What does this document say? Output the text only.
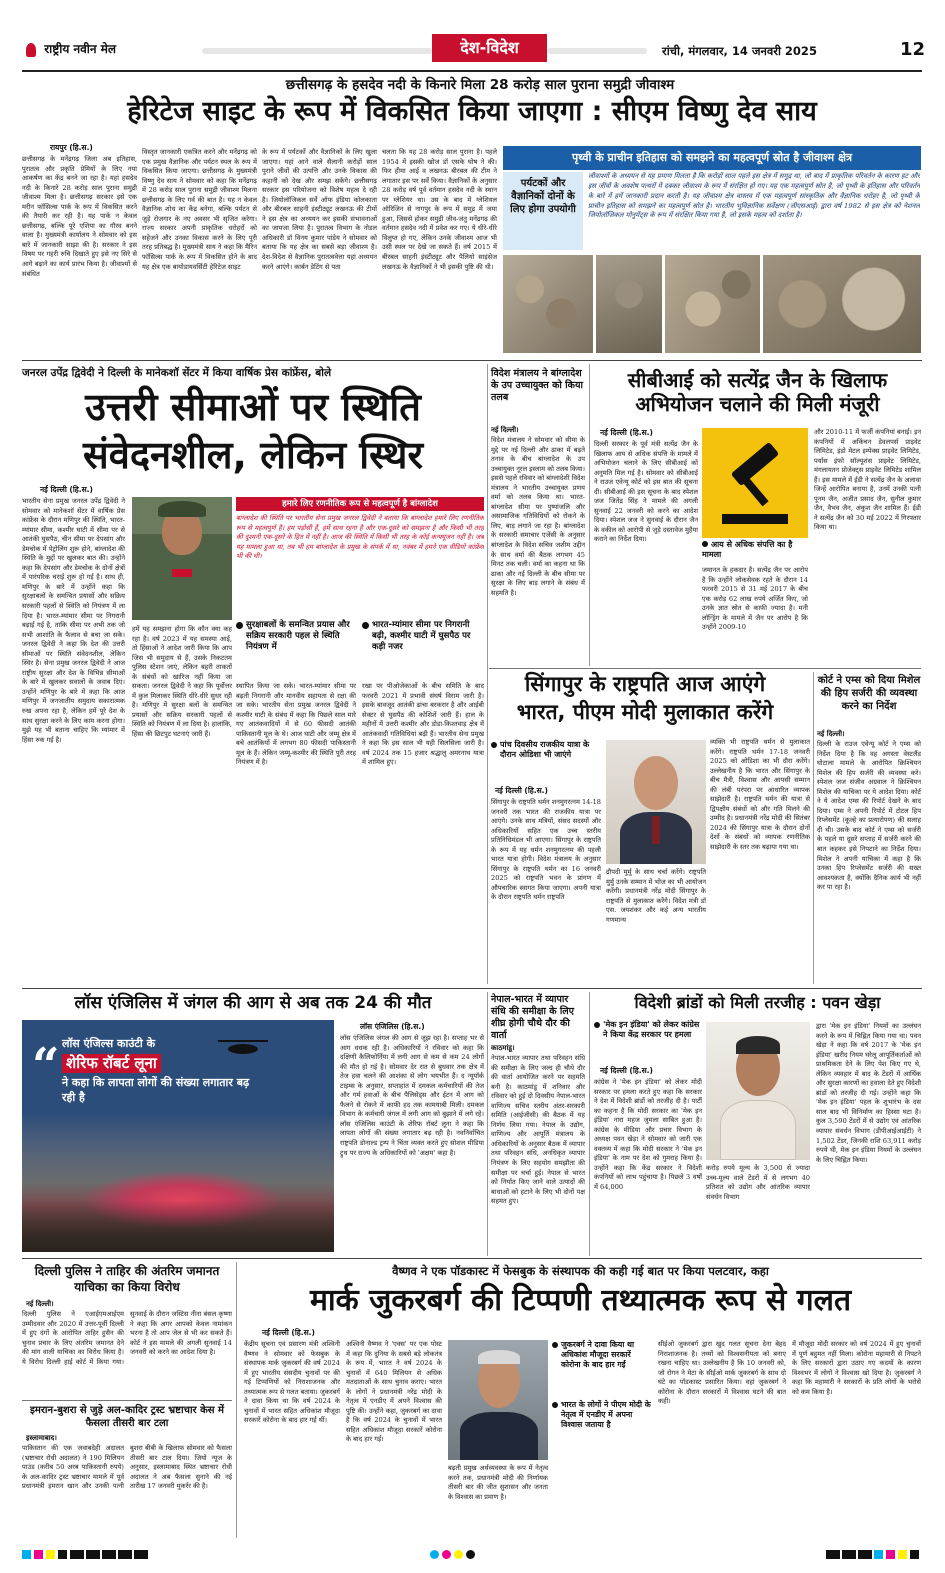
राष्ट्रीय नवीन मेल	देश-विदेश	रांची, मंगलवार, 14 जनवरी 2025	12
छत्तीसगढ़ के हसदेव नदी के किनारे मिला 28 करोड़ साल पुराना समुद्री जीवाश्म
हेरिटेज साइट के रूप में विकसित किया जाएगा : सीएम विष्णु देव साय
रायपुर (हि.स.)
छत्तीसगढ़ के मनेंद्रगढ़ जिला अब इतिहास, पुरातत्व और प्रकृति प्रेमियों के लिए नया आकर्षण का केंद्र बनने जा रहा है। यहां हसदेव नदी के किनारे 28 करोड़ साल पुराना समुद्री जीवाश्म मिला है। छत्तीसगढ़ सरकार इसे एक मरीन फॉसिल्स पार्क के रूप में विकसित करने की तैयारी कर रही है। यह पार्क न केवल छत्तीसगढ़, बल्कि पूरे एशिया का गौरव बनने वाला है। मुख्यमंत्री कार्यालय ने सोमवार को इस बारे में जानकारी साझा की है। सरकार ने इस विषय पर गहरी रुचि दिखाते हुए इसे नए सिरे से आगे बढ़ाने का कार्य प्रारंभ किया है। जीवाश्मों से संबंधित
विस्तृत जानकारी एकत्रित करने और मनेंद्रगढ़ को एक प्रमुख वैज्ञानिक और पर्यटन स्थल के रूप में विकसित किया जाएगा। छत्तीसगढ़ के मुख्यमंत्री विष्णु देव साय ने सोमवार को कहा कि मनेंद्रगढ़ में 28 करोड़ साल पुराना समुद्री जीवाश्म मिलना छत्तीसगढ़ के लिए गर्व की बात है। यह न केवल वैज्ञानिक शोध का केंद्र बनेगा, बल्कि पर्यटन से जुड़े रोजगार के नए अवसर भी सृजित करेगा। राज्य सरकार अपनी प्राकृतिक धरोहरों को सहेजने और उनका विकास करने के लिए पूरी तरह प्रतिबद्ध है। मुख्यमंत्री साय ने कहा कि मैरिन फॉसिल्स पार्क के रूप में विकसित होने के बाद यह क्षेत्र एक बायोडायवर्सिटी हेरिटेज साइट
के रूप में पर्यटकों और वैज्ञानिकों के लिए खुला जाएगा। यहां आने वाले सैलानी करोड़ों साल पुराने जीवों की उत्पत्ति और उनके विकास की कहानी को देख और समझ सकेंगे। छत्तीसगढ़ सरकार इस परियोजना को विशेष महत्व दे रही है। जियोलॉजिकल सर्वे ऑफ इंडिया कोलकाता और बीरबल साहनी इंस्टीट्यूट लखनऊ की टीमों ने इस क्षेत्र का अध्ययन कर इसकी संभावनाओं का जायजा लिया है। पुरातत्व विभाग के नोडल अधिकारी डॉ विनय कुमार पांडेय ने सोमवार को बताया कि यह क्षेत्र का सबसे बड़ा जीवाश्म है। देश-विदेश से वैज्ञानिक पुरातत्ववेत्ता यहां अध्ययन करने आएंगे। कार्बन डेटिंग से पता
चलता कि यह 28 करोड़ साल पुराना है। पहले 1954 में इसकी खोज डॉ एसके घोष ने की। फिर हीमा आई व लखनऊ बीरबल की टीम ने लगातार इस पर सर्वे किया। वैज्ञानिकों के अनुसार 28 करोड़ वर्ष पूर्व वर्तमान हसदेव नदी के स्थान पर ग्लेशियर था। उस के बाद में ग्लेशियल ऑरिजिन से नागपुर के रूप में समुद्र में जमा हुआ, जिससे होकर समुद्री जीव-जंतु मनेंद्रगढ़ की वर्तमान हसदेव नदी में प्रवेश कर गए। ये धीरे-धीरे विलुप्त हो गए, लेकिन उनके जीवाश्म आज भी उसी स्थल पर देखे जा सकते हैं। वर्ष 2015 में बीरबल साहनी इंस्टीट्यूट और पैलियो साइंसेज लखनऊ के वैज्ञानिकों ने भी इसकी पुष्टि की थी।
पृथ्वी के प्राचीन इतिहास को समझने का महत्वपूर्ण स्रोत है जीवाश्म क्षेत्र
पर्यटकों और वैज्ञानिकों दोनों के लिए होगा उपयोगी
जीवाश्मों के अध्ययन से यह प्रमाण मिलता है कि करोड़ों साल पहले इस क्षेत्र में समुद्र था, जो बाद में प्राकृतिक परिवर्तन के कारण हट और इस जीवों के अवशेष पत्थरों में दबकर जीवाश्म के रूप में संरक्षित हो गए। यह एक महत्वपूर्ण स्रोत है, जो पृथ्वी के इतिहास और परिवर्तन के बारे में हमें जानकारी प्रदान करती है। यह जीवाश्म क्षेत्र वास्तव में एक महत्वपूर्ण सांस्कृतिक और वैज्ञानिक धरोहर है, जो पृथ्वी के प्राचीन इतिहास को समझने का महत्वपूर्ण स्रोत है। भारतीय भूविज्ञानिक सर्वेक्षण (जीएसआई) द्वारा वर्ष 1982 से इस क्षेत्र को नेशनल जियोलॉजिकल मोनुमेंट्स के रूप में संरक्षित किया गया है, जो इसके महत्व को दर्शाता है।
जनरल उपेंद्र द्विवेदी ने दिल्ली के मानेकशॉ सेंटर में किया वार्षिक प्रेस कांफ्रेंस, बोले
उत्तरी सीमाओं पर स्थिति
संवेदनशील, लेकिन स्थिर
नई दिल्ली (हि.स.)
भारतीय सेना प्रमुख जनरल उपेंद्र द्विवेदी ने सोमवार को मानेकशॉ सेंटर में वार्षिक प्रेस कांफ्रेंस के दौरान मणिपुर की स्थिति, भारत-म्यांमार सीमा, कश्मीर घाटी में सीमा पर से आतंकी घुसपैठ, चीन सीमा पर देपसांग और डेमचोक में पेट्रोलिंग शुरू होने, बांग्लादेश की स्थिति के मुद्दों पर खुलकर बात की। उन्होंने कहा कि देपसांग और डेमचोक के दोनों क्षेत्रों में पारंपरिक चराई शुरू हो गई है। साथ ही, मणिपुर के बारे में उन्होंने कहा कि सुरक्षाबलों के समन्वित प्रयासों और सक्रिय सरकारी पहलों से स्थिति को नियंत्रण में ला दिया है। भारत-म्यांमार सीमा पर निगरानी बढ़ाई गई है, ताकि सीमा पर अभी तक जो सभी आशांति के फैलाव से बचा जा सके। जनरल द्विवेदी ने कहा कि देश की उत्तरी सीमाओं पर स्थिति संवेदनशील, लेकिन स्थिर है। सेना प्रमुख जनरल द्विवेदी ने आज राष्ट्रीय सुरक्षा और देश के विभिन्न सीमाओं के बारे में खुलकर सवालों के जवाब दिए। उन्होंने मणिपुर के बारे में कहा कि आज मणिपुर में जनजातीय समुदाय सकारात्मक रुख अपना रहा है, लेकिन हमें पूरे देश के साथ सुरक्षा करने के लिए काम करना होगा। मुझे यह भी बताना चाहिए कि म्यांमार में हिंसा रुक गई है।
हमारे लिए रणनीतिक रूप से महत्वपूर्ण है बांग्लादेश
बांग्लादेश की स्थिति पर भारतीय सेना प्रमुख जनरल द्विवेदी ने बताया कि बांग्लादेश हमारे लिए रणनीतिक रूप से महत्वपूर्ण है। हम पड़ोसी हैं, हमें साथ रहना है और एक-दूसरे को समझना है और किसी भी तरह की दुश्मनी एक-दूसरे के हित में नहीं है। आज की स्थिति में किसी भी तरह के कोई कन्फ्यूजन नहीं है। जब यह मामला हुआ था, तब भी हम बांग्लादेश के प्रमुख के संपर्क में था, नवंबर में हमने एक वीडियो कांफ्रेंस भी की थी।
सुरक्षाबलों के समन्वित प्रयास और सक्रिय सरकारी पहल से स्थिति नियंत्रण में
भारत-म्यांमार सीमा पर निगरानी बढ़ी, कश्मीर घाटी में घुसपैठ पर कड़ी नजर
हमें यह समझना होगा कि कौन क्या कह रहा है। वर्ष 2023 में यह समस्या आई, तो हिंसाओं ने आदेश जारी किया कि आप जिस भी समुदाय से हैं, उसके निकटतम पुलिस स्टेशन जाएं, लेकिन बहरी ताकतों के संबंधों को खारिज नहीं किया जा सकता। जनरल द्विवेदी ने कहा कि पूर्वोत्तर में कुल मिलाकर स्थिति धीरे-धीरे सुधर रही है। मणिपुर में सुरक्षा बलों के समन्वित प्रयासों और सक्रिय सरकारी पहलों से स्थिति को नियंत्रण में ला दिया है। हालांकि, हिंसा की छिटपुट घटनाएं जारी हैं।
स्थापित किया जा सके। भारत-म्यांमार सीमा पर बढ़ती निगरानी और मानवीय सहायता से रक्षा की जा सके। भारतीय सेना प्रमुख जनरल द्विवेदी ने कश्मीर घाटी के संबंध में कहा कि पिछले साल मारे गए आतंकवादियों में से 60 फीसदी आतंकी पाकिस्तानी मूल के थे। आज घाटी और जम्मू क्षेत्र में बचे आतंकियों में लगभग 80 फीसदी पाकिस्तानी मूल के हैं। लेकिन जम्मू-कश्मीर की स्थिति पूरी तरह नियंत्रण में है।
रखा पर पीओजेकाओं के बीच समिति के बाद फरवरी 2021 में प्रभावी संघर्ष विराम जारी है। इसके बावजूद आतंकी ढांचा बरकरार है और आईबी सेक्टर से घुसपैठ की कोशिशें जारी हैं। हाल के महीनों में उत्तरी कश्मीर और डोडा-किश्तवाड़ क्षेत्र में आतंकवादी गतिविधियां बढ़ी हैं। भारतीय सेना प्रमुख ने कहा कि इस साल भी यही सिलसिला जारी है। वर्ष 2024 तक 15 हजार श्रद्धालु अमरनाथ यात्रा में शामिल हुए।
विदेश मंत्रालय ने बांग्लादेश के उप उच्चायुक्त को किया तलब
नई दिल्ली।
विदेश मंत्रालय ने सोमवार को सीमा के मुद्दे पर नई दिल्ली और ढाका में बढ़ते तनाव के बीच बांग्लादेश के उप उच्चायुक्त नूरल इस्लाम को तलब किया। इससे पहले रविवार को बांग्लादेशी विदेश मंत्रालय ने भारतीय उच्चायुक्त प्रणय वर्मा को तलब किया था। भारत-बांग्लादेश सीमा पर पुष्पांजलि और असामाजिक गतिविधियों को रोकने के लिए, बाड़ लगाने जा रहा है। बांग्लादेश के सरकारी समाचार एजेंसी के अनुसार बांग्लादेश के विदेश सचिव जशीम उद्दीन के साथ वर्मा की बैठक लगभग 45 मिनट तक चली। वर्मा का कहना था कि ढाका और नई दिल्ली के बीच सीमा पर सुरक्षा के लिए बाड़ लगाने के संबंध में सहमति है।
सीबीआई को सत्येंद्र जैन के खिलाफ अभियोजन चलाने की मिली मंजूरी
नई दिल्ली (हि.स.)
दिल्ली सरकार के पूर्व मंत्री सत्येंद्र जैन के खिलाफ आय से अधिक संपत्ति के मामले में अभियोजन चलाने के लिए सीबीआई को अनुमति मिल गई है। सोमवार को सीबीआई ने राउज एवेन्यू कोर्ट को इस बात की सूचना दी। सीबीआई की इस सूचना के बाद स्पेशल जज जितेंद्र सिंह ने मामले की अगली सुनवाई 22 जनवरी को करने का आदेश दिया। स्पेशल जज ने सुनवाई के दौरान जैन के वकील को आरोपी से जुड़े दस्तावेज मुहैया कराने का निर्देश दिया।
आय से अधिक संपत्ति का है मामला
जमानत के हकदार है। सत्येंद्र जैन पर आरोप है कि उन्होंने लोकसेवक रहते के दौरान 14 फरवरी 2015 से 31 मई 2017 के बीच एक करोड़ 62 लाख रुपये अर्जित किए, जो उनके ज्ञात स्रोत से काफी ज्यादा है। मनी लॉन्ड्रिंग के मामले में जैन पर आरोप है कि उन्होंने 2009-10
और 2010-11 में फर्जी कंपनियां बनाईं। इन कंपनियों में अकिंचन डेवलपर्स प्राइवेट लिमिटेड, इंडो मेटल इम्पेक्स प्राइवेट लिमिटेड, पर्यास इंफो सॉल्यूशंस प्राइवेट लिमिटेड, मंगलायतन प्रोजेक्ट्स प्राइवेट लिमिटेड शामिल हैं। इस मामले में ईडी ने सत्येंद्र जैन के अलावा जिन्हें आरोपित बनाया है, उनमें उनकी पत्नी पूनम जैन, अजीत प्रसाद जैन, सुनील कुमार जैन, वैभव जैन, अंकुश जैन शामिल हैं। ईडी ने सत्येंद्र जैन को 30 मई 2022 में गिरफ्तार किया था।
सिंगापुर के राष्ट्रपति आज आएंगे
भारत, पीएम मोदी मुलाकात करेंगे
पांच दिवसीय राजकीय यात्रा के दौरान ओडिशा भी जाएंगे
नई दिल्ली (हि.स.)
सिंगापुर के राष्ट्रपति थर्मन शनमुगरत्नम 14-18 जनवरी तक भारत की राजकीय यात्रा पर आएंगे। उनके साथ मंत्रियों, संसद सदस्यों और अधिकारियों सहित एक उच्च स्तरीय प्रतिनिधिमंडल भी आएगा। सिंगापुर के राष्ट्रपति के रूप में यह थर्मन शनमुगरत्नम की पहली भारत यात्रा होगी। विदेश मंत्रालय के अनुसार सिंगापुर के राष्ट्रपति थर्मन का 16 जनवरी 2025 को राष्ट्रपति भवन के प्रांगण में औपचारिक स्वागत किया जाएगा। अपनी यात्रा के दौरान राष्ट्रपति थर्मन राष्ट्रपति
द्रौपदी मुर्मु के साथ चर्चा करेंगे। राष्ट्रपति मुर्मु उनके सम्मान में भोज का भी आयोजन करेंगी। प्रधानमंत्री नरेंद्र मोदी सिंगापुर के राष्ट्रपति से मुलाकात करेंगे। विदेश मंत्री डॉ एस. जयशंकर और कई अन्य भारतीय गणमान्य
व्यक्ति भी राष्ट्रपति थर्मन से मुलाकात करेंगे। राष्ट्रपति थर्मन 17-18 जनवरी 2025 को ओडिशा का भी दौरा करेंगे। उल्लेखनीय है कि भारत और सिंगापुर के बीच मैत्री, विश्वास और आपसी सम्मान की लंबी परंपरा पर आधारित व्यापक साझेदारी है। राष्ट्रपति थर्मन की यात्रा से द्विपक्षीय संबंधों को और गति मिलने की उम्मीद है। प्रधानमंत्री नरेंद्र मोदी की सितंबर 2024 की सिंगापुर यात्रा के दौरान दोनों देशों के संबंधों को व्यापक रणनीतिक साझेदारी के स्तर तक बढ़ाया गया था।
कोर्ट ने एम्स को दिया मिशेल की हिप सर्जरी की व्यवस्था करने का निर्देश
नई दिल्ली।
दिल्ली के राउज एवेन्यू कोर्ट ने एम्स को निर्देश दिया है कि वह अगस्ता वेस्टलैंड घोटाला मामले के आरोपित क्रिश्चियन मिशेल की हिप सर्जरी की व्यवस्था करे। स्पेशल जज संजीव अग्रवाल ने क्रिश्चियन मिशेल की याचिका पर ये आदेश दिया। कोर्ट ने ये आदेश एम्स की रिपोर्ट देखने के बाद दिया। एम्स ने अपनी रिपोर्ट में टोटल हिप रिप्लेसमेंट (कूल्हे का प्रत्यारोपण) की सलाह दी थी। उसके बाद कोर्ट ने एम्स को सर्जरी के पहले या दूसरे सप्ताह में सर्जरी करने की बात कहकर इसे निपटाने का निर्देश दिया। मिशेल ने अपनी याचिका में कहा है कि उनका हिप रिप्लेसमेंट सर्जरी की सख्त आवश्यकता है, क्योंकि दैनिक कार्य भी नहीं कर पा रहा है।
लॉस एंजिलिस में जंगल की आग से अब तक 24 की मौत
“ लॉस एंजिल्स काउंटी के
शेरिफ रॉबर्ट लूना
ने कहा कि लापता लोगों की संख्या लगातार बढ़ रही है
लॉस एंजिलिस (हि.स.)
लॉस एंजिलिस जंगल की आग से जूझ रहा है। सप्ताह भर से आग धधक रही है। अधिकारियों ने रविवार को कहा कि दक्षिणी कैलिफोर्निया में लगी आग से कम से कम 24 लोगों की मौत हो गई है। सोमवार देर रात से बुधवार तक क्षेत्र में तेज हवा चलने की आशंका से लोग भयभीत हैं। द न्यूयॉर्क टाइम्स के अनुसार, सप्ताहांत में दमकल कर्मचारियों की तेज और गर्म हवाओं के बीच पैलिसेड्स और ईटन में आग को फैलने से रोकने में काफी हद तक कामयाबी मिली। दमकल विभाग के कर्मचारी जंगल में लगी आग को बुझाने में लगे रहे। लॉस एंजिलिस काउंटी के शेरिफ रॉबर्ट लूना ने कहा कि लापता लोगों की संख्या लगातार बढ़ रही है। नवनिर्वाचित राष्ट्रपति डोनाल्ड ट्रम्प ने चिंता व्यक्त करते हुए सोशल मीडिया ट्रुथ पर राज्य के अधिकारियों को 'अक्षम' कहा है।
नेपाल-भारत में व्यापार संधि की समीक्षा के लिए शीघ्र होगी चौथे दौर की वार्ता
काठमांडू।
नेपाल-भारत व्यापार तथा परिवहन संधि की समीक्षा के लिए जल्द ही चौथे दौर की वार्ता आयोजित करने पर सहमति बनी है। काठमांडू में शनिवार और रविवार को हुई दो दिवसीय नेपाल-भारत वाणिज्य सचिव स्तरीय अंतर-सरकारी समिति (आईजीसी) की बैठक में यह निर्णय लिया गया। नेपाल के उद्योग, वाणिज्य और आपूर्ति मंत्रालय के अधिकारियों के अनुसार बैठक में व्यापार तथा परिवहन संधि, अनधिकृत व्यापार नियंत्रण के लिए सहयोग समझौता की समीक्षा पर चर्चा हुई। नेपाल से भारत को निर्यात किए जाने वाले उत्पादों की बाधाओं को हटाने के लिए भी दोनों पक्ष सहमत हुए।
विदेशी ब्रांडों को मिली तरजीह : पवन खेड़ा
'मेक इन इंडिया' को लेकर कांग्रेस ने किया केंद्र सरकार पर हमला
नई दिल्ली (हि.स.)
कांग्रेस ने 'मेक इन इंडिया' को लेकर मोदी सरकार पर हमला करते हुए कहा कि सरकार ने देश में विदेशी ब्रांडों को तरजीह दी है। पार्टी का कहना है कि मोदी सरकार का 'मेक इन इंडिया' नारा महज जुमला साबित हुआ है। कांग्रेस के मीडिया और प्रचार विभाग के अध्यक्ष पवन खेड़ा ने सोमवार को जारी एक वक्तव्य में कहा कि मोदी सरकार ने 'मेक इन इंडिया' के नाम पर देश को गुमराह किया है। उन्होंने कहा कि केंद्र सरकार ने विदेशी कंपनियों को लाभ पहुंचाया है। पिछले 3 वर्षों में 64,000
करोड़ रुपये मूल्य के 3,500 से ज्यादा उच्च-मूल्य वाले टेंडरों में से लगभग 40 प्रतिशत को उद्योग और आंतरिक व्यापार संवर्धन विभाग
द्वारा 'मेक इन इंडिया' नियमों का उल्लंघन करने के रूप में चिह्नित किया गया था। पवन खेड़ा ने कहा कि वर्ष 2017 के 'मेक इन इंडिया' खरीद नियम घरेलू आपूर्तिकर्ताओं को प्राथमिकता देने के लिए पेश किए गए थे, लेकिन व्यवहार में बाद के टेंडरों में आर्थिक और सुरक्षा कारणों का हवाला देते हुए विदेशी ब्रांडों को तरजीह दी गई। उन्होंने कहा कि 'मेक इन इंडिया' पहल के शुभारंभ के दस साल बाद भी विनिर्माण का हिस्सा घटा है। कुल 3,590 टेंडरों में से उद्योग एवं आंतरिक व्यापार संवर्धन विभाग (डीपीआईआईटी) ने 1,502 टेंडर, जिनकी राशि 63,911 करोड़ रुपये थी, मेक इन इंडिया नियमों के उल्लंघन के लिए चिह्नित किया।
दिल्ली पुलिस ने ताहिर की अंतरिम जमानत याचिका का किया विरोध
नई दिल्ली।
दिल्ली पुलिस ने एआईएमआईएम उम्मीदवार और 2020 में उत्तर-पूर्वी दिल्ली में हुए दंगों के आरोपित ताहिर हुसैन की चुनाव प्रचार के लिए अंतरिम जमानत देने की मांग वाली याचिका का विरोध किया है। ये विरोध दिल्ली हाई कोर्ट में किया गया। सुनवाई के दौरान जस्टिस नीना बंसल कृष्णा ने कहा कि अगर आपको केवल नामांकन भरना है तो आप जेल से भी कर सकते हैं। कोर्ट ने इस मामले की अगली सुनवाई 14 जनवरी को करने का आदेश दिया है।
इमरान-बुशरा से जुड़े अल-कादिर ट्रस्ट भ्रष्टाचार केस में फैसला तीसरी बार टला
इस्लामाबाद।
पाकिस्तान की एक जवाबदेही अदालत (भ्रष्टाचार रोधी अदालत) ने 190 मिलियन पाउंड (करीब 50 अरब पाकिस्तानी रुपये) के अल-कादिर ट्रस्ट भ्रष्टाचार मामले में पूर्व प्रधानमंत्री इमरान खान और उनकी पत्नी बुशरा बीबी के खिलाफ सोमवार को फैसला तीसरी बार टाल दिया। जियो न्यूज के अनुसार, इस्लामाबाद स्थित भ्रष्टाचार रोधी अदालत ने अब फैसला सुनाने की नई तारीख 17 जनवरी मुकर्रर की है।
वैष्णव ने एक पॉडकास्ट में फेसबुक के संस्थापक की कही गई बात पर किया पलटवार, कहा
मार्क जुकरबर्ग की टिप्पणी तथ्यात्मक रूप से गलत
नई दिल्ली (हि.स.)
केंद्रीय सूचना एवं प्रसारण मंत्री अश्विनी वैष्णव ने सोमवार को फेसबुक के संस्थापक मार्क जुकरबर्ग की वर्ष 2024 में हुए भारतीय संसदीय चुनावों पर की गई टिप्पणियों को निराशाजनक और तथ्यात्मक रूप से गलत बताया। जुकरबर्ग ने दावा किया था कि वर्ष 2024 के चुनावों में भारत सहित अधिकांश मौजूदा सरकारें कोरोना के बाद हार गईं थीं।
अश्विनी वैष्णव ने 'एक्स' पर एक पोस्ट में कहा कि दुनिया के सबसे बड़े लोकतंत्र के रूप में, भारत ने वर्ष 2024 के चुनावों में 640 मिलियन से अधिक मतदाताओं के साथ चुनाव कराए। भारत के लोगों ने प्रधानमंत्री नरेंद्र मोदी के नेतृत्व में एनडीए में अपने विश्वास की पुष्टि की। उन्होंने कहा, जुकरबर्ग का दावा है कि वर्ष 2024 के चुनावों में भारत सहित अधिकांश मौजूदा सरकारें कोरोना के बाद हार गईं।
बढ़ती प्रमुख अर्थव्यवस्था के रूप में नेतृत्व करने तक, प्रधानमंत्री मोदी की निर्णायक तीसरी बार की जीत सुशासन और जनता के विश्वास का प्रमाण है।
जुकरबर्ग ने दावा किया था अधिकांश मौजूदा सरकारें कोरोना के बाद हार गईं
भारत के लोगों ने पीएम मोदी के नेतृत्व में एनडीए में अपना विश्वास जताया है
सीईओ जुकरबर्ग द्वारा खुद गलत सूचना देना बेहद निराशाजनक है। तथ्यों को विश्वसनीयता को बनाए रखना चाहिए था। उल्लेखनीय है कि 10 जनवरी को, जो रोगन ने मेटा के सीईओ मार्क जुकरबर्ग के साथ दो घंटे का पॉडकास्ट प्रसारित किया। वहां जुकरबर्ग ने कोरोना के दौरान सरकारों में विश्वास घटने की बात कही।
में मौजूदा मोदी सरकार को वर्ष 2024 में हुए चुनावों में पूर्ण बहुमत नहीं मिला। कोरोना महामारी से निपटने के लिए सरकारों द्वारा उठाए गए कदमों के कारण विश्वभर में लोगों ने विश्वास खो दिया है। जुकरबर्ग ने कहा कि महामारी ने सरकारों के प्रति लोगों के भरोसे को कम किया है।
